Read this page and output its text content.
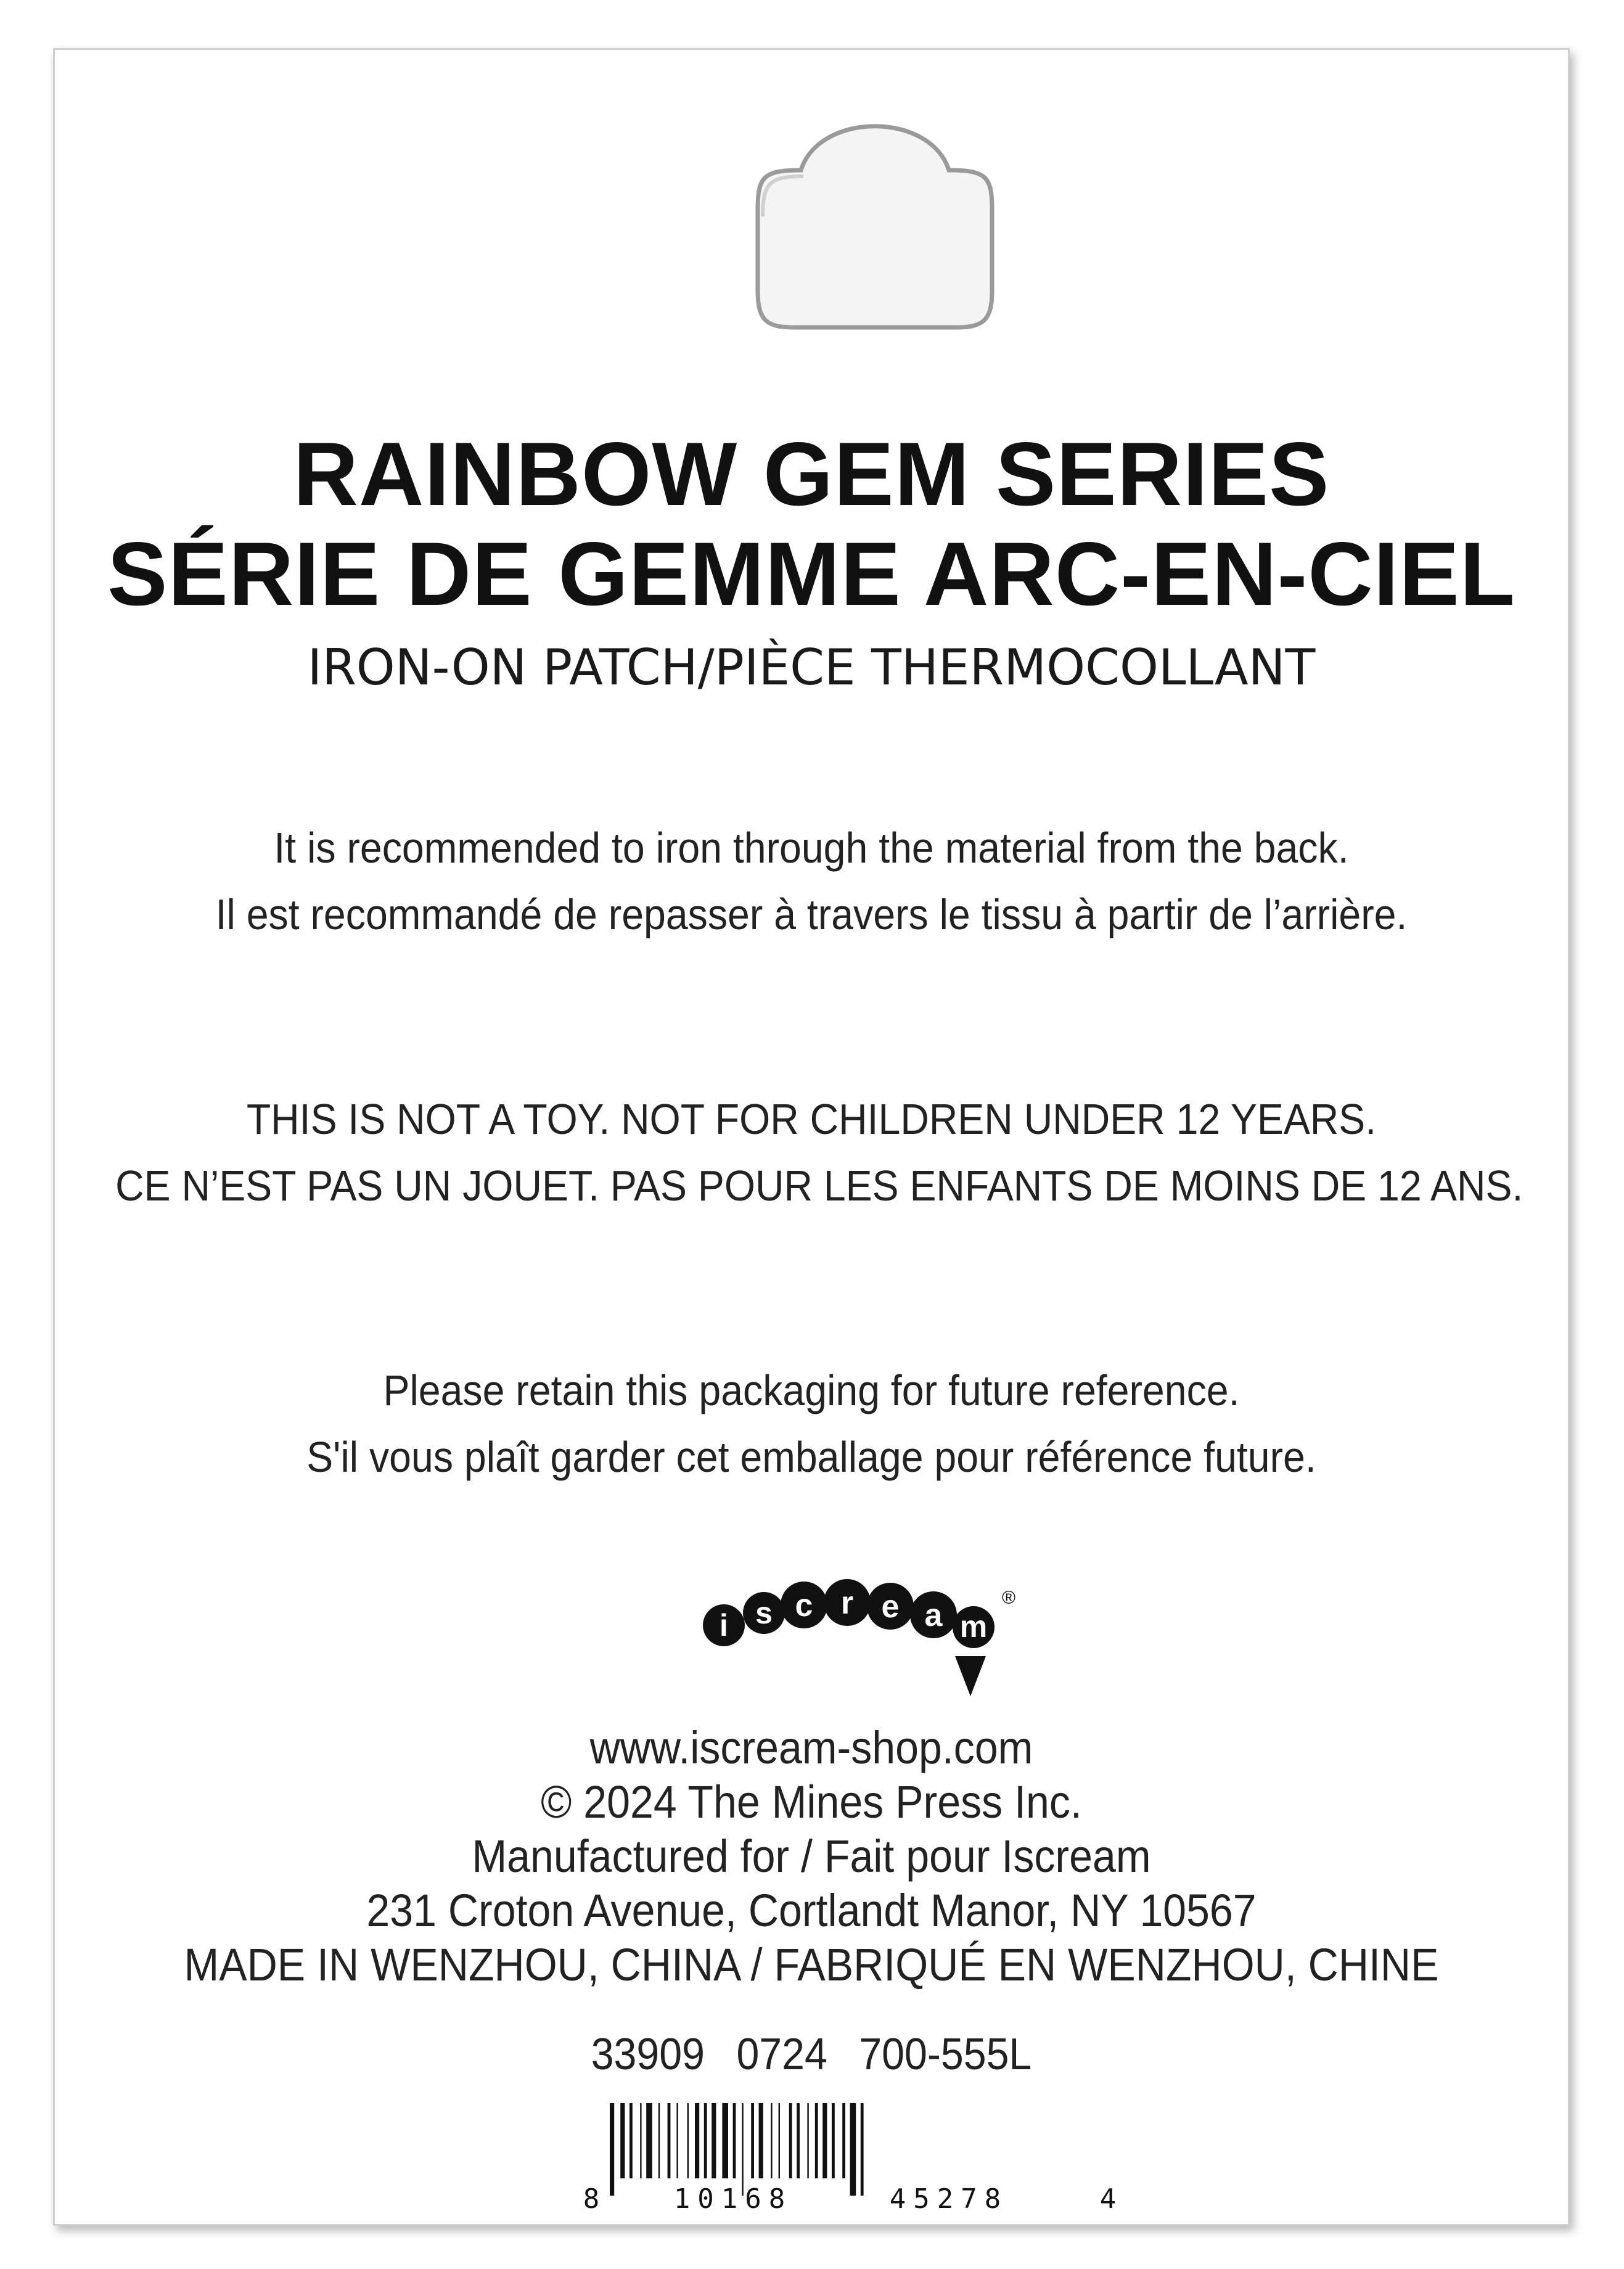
RAINBOW GEM SERIES
SÉRIE DE GEMME ARC-EN-CIEL
IRON-ON PATCH/PIÈCE THERMOCOLLANT
It is recommended to iron through the material from the back.
Il est recommandé de repasser à travers le tissu à partir de l’arrière.
THIS IS NOT A TOY. NOT FOR CHILDREN UNDER 12 YEARS.
CE N’EST PAS UN JOUET. PAS POUR LES ENFANTS DE MOINS DE 12 ANS.
Please retain this packaging for future reference.
S'il vous plaît garder cet emballage pour référence future.
i s c r e a m
®
www.iscream-shop.com
© 2024 The Mines Press Inc.
Manufactured for / Fait pour Iscream
231 Croton Avenue, Cortlandt Manor, NY 10567
MADE IN WENZHOU, CHINA / FABRIQUÉ EN WENZHOU, CHINE
33909 0724 700-555L
8	10168	45278	4
